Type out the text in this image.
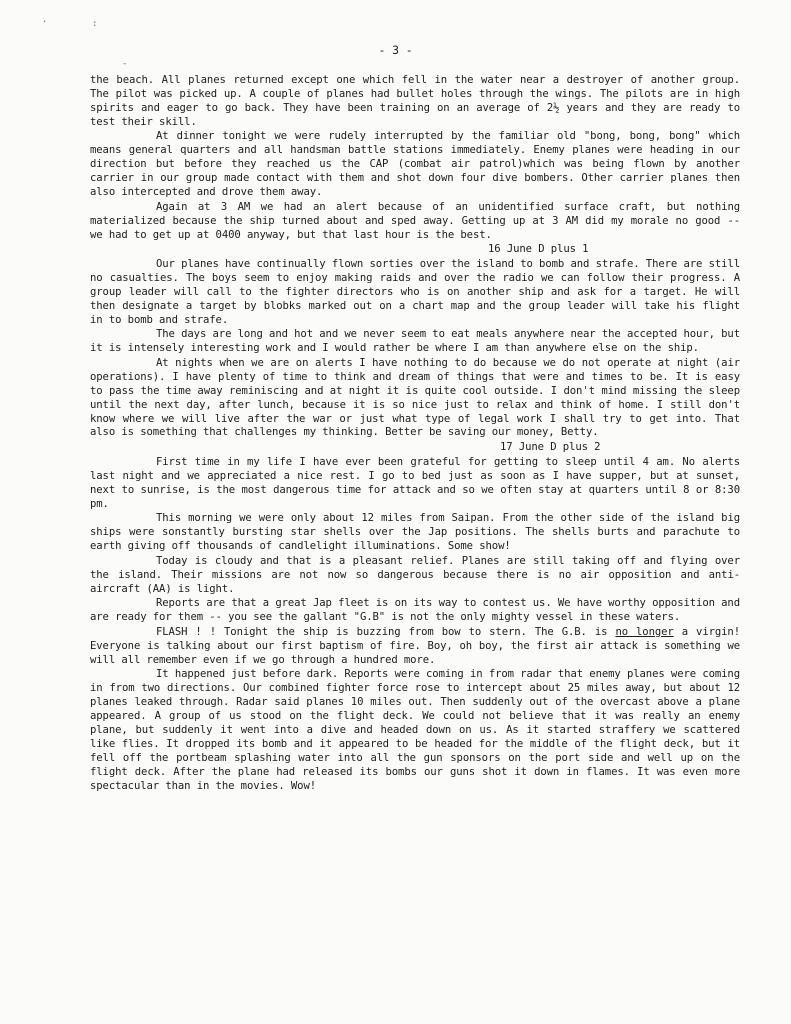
.	:
-
- 3 -

the beach. All planes returned except one which fell in the water near a destroyer of another group. The pilot was picked up. A couple of planes had bullet holes through the wings. The pilots are in high spirits and eager to go back. They have been training on an average of 2½ years and they are ready to test their skill.

At dinner tonight we were rudely interrupted by the familiar old "bong, bong, bong" which means general quarters and all handsman battle stations immediately. Enemy planes were heading in our direction but before they reached us the CAP (combat air patrol)which was being flown by another carrier in our group made contact with them and shot down four dive bombers. Other carrier planes then also intercepted and drove them away.

Again at 3 AM we had an alert because of an unidentified surface craft, but nothing materialized because the ship turned about and sped away. Getting up at 3 AM did my morale no good -- we had to get up at 0400 anyway, but that last hour is the best.

16 June D plus 1

Our planes have continually flown sorties over the island to bomb and strafe. There are still no casualties. The boys seem to enjoy making raids and over the radio we can follow their progress. A group leader will call to the fighter directors who is on another ship and ask for a target. He will then designate a target by blobks marked out on a chart map and the group leader will take his flight in to bomb and strafe.

The days are long and hot and we never seem to eat meals anywhere near the accepted hour, but it is intensely interesting work and I would rather be where I am than anywhere else on the ship.

At nights when we are on alerts I have nothing to do because we do not operate at night (air operations). I have plenty of time to think and dream of things that were and times to be. It is easy to pass the time away reminiscing and at night it is quite cool outside. I don't mind missing the sleep until the next day, after lunch, because it is so nice just to relax and think of home. I still don't know where we will live after the war or just what type of legal work I shall try to get into. That also is something that challenges my thinking. Better be saving our money, Betty.

17 June D plus 2

First time in my life I have ever been grateful for getting to sleep until 4 am. No alerts last night and we appreciated a nice rest. I go to bed just as soon as I have supper, but at sunset, next to sunrise, is the most dangerous time for attack and so we often stay at quarters until 8 or 8:30 pm.

This morning we were only about 12 miles from Saipan. From the other side of the island big ships were sonstantly bursting star shells over the Jap positions. The shells burts and parachute to earth giving off thousands of candlelight illuminations. Some show!

Today is cloudy and that is a pleasant relief. Planes are still taking off and flying over the island. Their missions are not now so dangerous because there is no air opposition and anti-aircraft (AA) is light.

Reports are that a great Jap fleet is on its way to contest us. We have worthy opposition and are ready for them -- you see the gallant "G.B" is not the only mighty vessel in these waters.

FLASH ! ! Tonight the ship is buzzing from bow to stern. The G.B. is no longer a virgin! Everyone is talking about our first baptism of fire. Boy, oh boy, the first air attack is something we will all remember even if we go through a hundred more.

It happened just before dark. Reports were coming in from radar that enemy planes were coming in from two directions. Our combined fighter force rose to intercept about 25 miles away, but about 12 planes leaked through. Radar said planes 10 miles out. Then suddenly out of the overcast above a plane appeared. A group of us stood on the flight deck. We could not believe that it was really an enemy plane, but suddenly it went into a dive and headed down on us. As it started straffery we scattered like flies. It dropped its bomb and it appeared to be headed for the middle of the flight deck, but it fell off the portbeam splashing water into all the gun sponsors on the port side and well up on the flight deck. After the plane had released its bombs our guns shot it down in flames. It was even more spectacular than in the movies. Wow!
